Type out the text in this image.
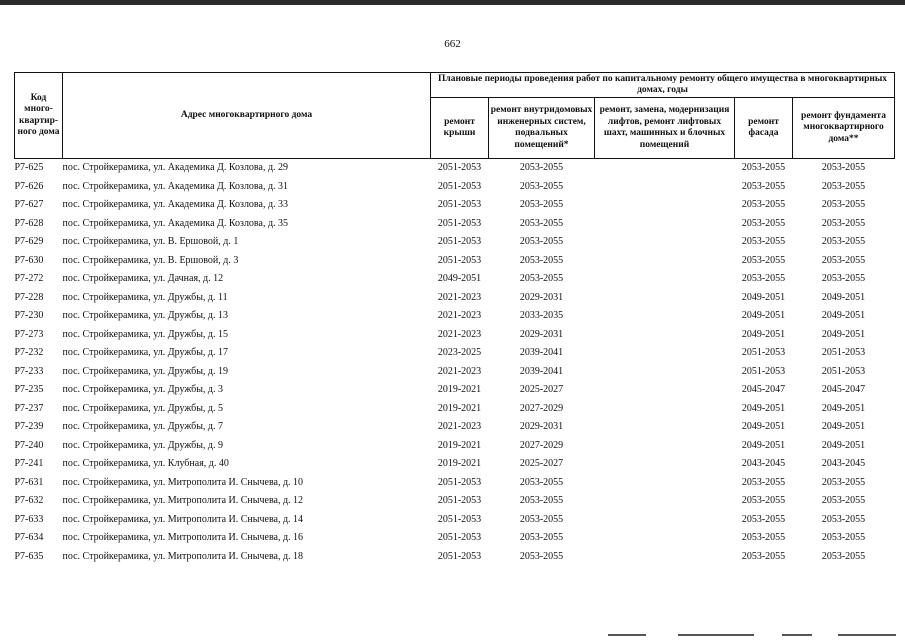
662
Код много-квартир-ного дома	Адрес многоквартирного дома	Плановые периоды проведения работ по капитальному ремонту общего имущества в многоквартирных домах, годы				
		ремонт крыши	ремонт внутридомовых инженерных систем, подвальных помещений*	ремонт, замена, модернизация лифтов, ремонт лифтовых шахт, машинных и блочных помещений	ремонт фасада	ремонт фундамента многоквартирного дома**
Р7-625	пос. Стройкерамика, ул. Академика Д. Козлова, д. 29	2051-2053	2053-2055		2053-2055	2053-2055
Р7-626	пос. Стройкерамика, ул. Академика Д. Козлова, д. 31	2051-2053	2053-2055		2053-2055	2053-2055
Р7-627	пос. Стройкерамика, ул. Академика Д. Козлова, д. 33	2051-2053	2053-2055		2053-2055	2053-2055
Р7-628	пос. Стройкерамика, ул. Академика Д. Козлова, д. 35	2051-2053	2053-2055		2053-2055	2053-2055
Р7-629	пос. Стройкерамика, ул. В. Ершовой, д. 1	2051-2053	2053-2055		2053-2055	2053-2055
Р7-630	пос. Стройкерамика, ул. В. Ершовой, д. 3	2051-2053	2053-2055		2053-2055	2053-2055
Р7-272	пос. Стройкерамика, ул. Дачная, д. 12	2049-2051	2053-2055		2053-2055	2053-2055
Р7-228	пос. Стройкерамика, ул. Дружбы, д. 11	2021-2023	2029-2031		2049-2051	2049-2051
Р7-230	пос. Стройкерамика, ул. Дружбы, д. 13	2021-2023	2033-2035		2049-2051	2049-2051
Р7-273	пос. Стройкерамика, ул. Дружбы, д. 15	2021-2023	2029-2031		2049-2051	2049-2051
Р7-232	пос. Стройкерамика, ул. Дружбы, д. 17	2023-2025	2039-2041		2051-2053	2051-2053
Р7-233	пос. Стройкерамика, ул. Дружбы, д. 19	2021-2023	2039-2041		2051-2053	2051-2053
Р7-235	пос. Стройкерамика, ул. Дружбы, д. 3	2019-2021	2025-2027		2045-2047	2045-2047
Р7-237	пос. Стройкерамика, ул. Дружбы, д. 5	2019-2021	2027-2029		2049-2051	2049-2051
Р7-239	пос. Стройкерамика, ул. Дружбы, д. 7	2021-2023	2029-2031		2049-2051	2049-2051
Р7-240	пос. Стройкерамика, ул. Дружбы, д. 9	2019-2021	2027-2029		2049-2051	2049-2051
Р7-241	пос. Стройкерамика, ул. Клубная, д. 40	2019-2021	2025-2027		2043-2045	2043-2045
Р7-631	пос. Стройкерамика, ул. Митрополита И. Снычева, д. 10	2051-2053	2053-2055		2053-2055	2053-2055
Р7-632	пос. Стройкерамика, ул. Митрополита И. Снычева, д. 12	2051-2053	2053-2055		2053-2055	2053-2055
Р7-633	пос. Стройкерамика, ул. Митрополита И. Снычева, д. 14	2051-2053	2053-2055		2053-2055	2053-2055
Р7-634	пос. Стройкерамика, ул. Митрополита И. Снычева, д. 16	2051-2053	2053-2055		2053-2055	2053-2055
Р7-635	пос. Стройкерамика, ул. Митрополита И. Снычева, д. 18	2051-2053	2053-2055		2053-2055	2053-2055
